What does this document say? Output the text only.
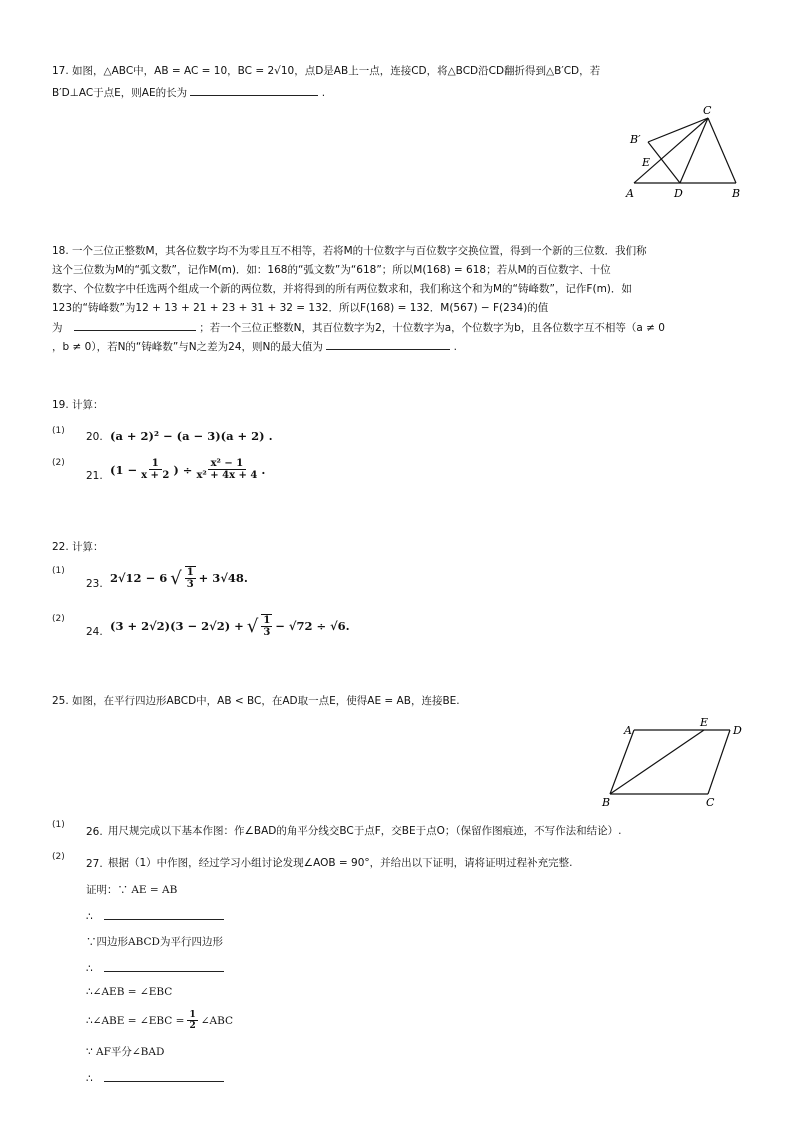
17. 如图，△ABC中，AB = AC = 10，BC = 2√10，点D是AB上一点，连接CD，将△BCD沿CD翻折得到△B′CD，若
B′D⊥AC于点E，则AE的长为	.
C
B′
E
A	D	B
18. 一个三位正整数M，其各位数字均不为零且互不相等，若将M的十位数字与百位数字交换位置，得到一个新的三位数．我们称
这个三位数为M的“弧文数”，记作M(m)．如：168的“弧文数”为“618”；所以M(168) = 618；若从M的百位数字、十位
数字、个位数字中任选两个组成一个新的两位数，并将得到的所有两位数求和，我们称这个和为M的“铸峰数”，记作F(m)．如
123的“铸峰数”为12 + 13 + 21 + 23 + 31 + 32 = 132．所以F(168) = 132．M(567) − F(234)的值
为	；若一个三位正整数N，其百位数字为2，十位数字为a，个位数字为b，且各位数字互不相等（a ≠ 0
，b ≠ 0），若N的“铸峰数”与N之差为24，则N的最大值为	.
19. 计算：
(1) 20. (a + 2)² − (a − 3)(a + 2) .
(2)
21. ($1 - \frac{1}{x + 2}$ ) ÷ $\frac{\text{x² − 1}}{\text{x² + 4x + 4}}$ .
22. 计算：
(1)
23. 2√12 − 6 √ 1
3 + 3√48.
(2)
24. (3 + 2√2)(3 − 2√2) + √ 1
3 − √72 ÷ √6.
25. 如图，在平行四边形ABCD中，AB < BC，在AD取一点E，使得AE = AB，连接BE.
A
E
D
B	C
(1)
26. 用尺规完成以下基本作图：作∠BAD的角平分线交BC于点F，交BE于点O；（保留作图痕迹，不写作法和结论）.
(2)
27. 根据（1）中作图，经过学习小组讨论发现∠AOB = 90°，并给出以下证明，请将证明过程补充完整.
证明：∵ AE = AB
∴
∵四边形ABCD为平行四边形
∴
∴∠AEB = ∠EBC
∴∠ABE = ∠EBC = $\frac{1}{2}$ ∠ABC
∵ AF平分∠BAD
∴
